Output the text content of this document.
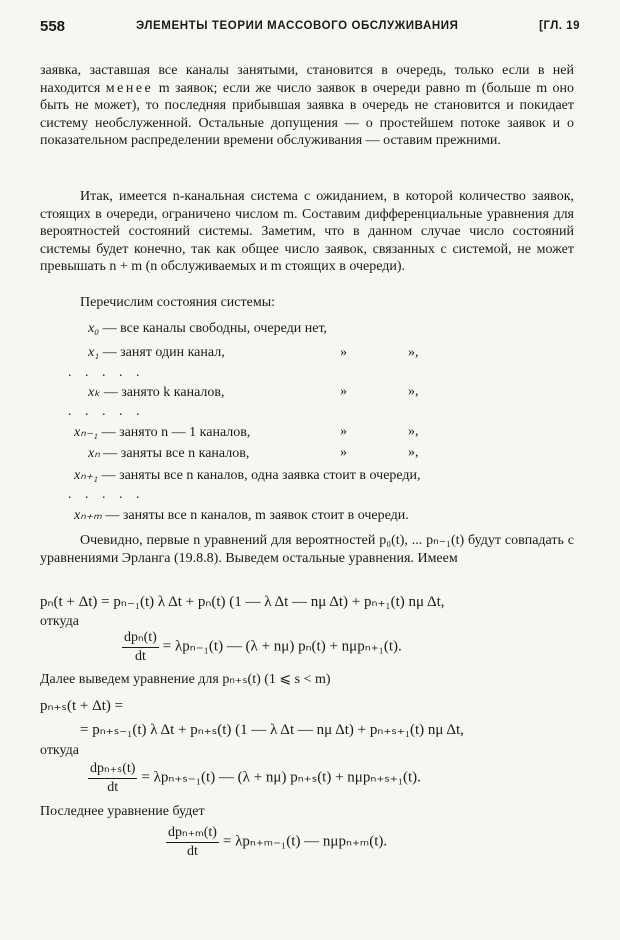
558	ЭЛЕМЕНТЫ ТЕОРИИ МАССОВОГО ОБСЛУЖИВАНИЯ	[ГЛ. 19
заявка, заставшая все каналы занятыми, становится в очередь, только если в ней находится менее m заявок; если же число заявок в очереди равно m (больше m оно быть не может), то последняя прибывшая заявка в очередь не становится и покидает систему необслуженной. Остальные допущения — о простейшем потоке заявок и о показательном распределении времени обслуживания — оставим прежними.
Итак, имеется n-канальная система с ожиданием, в которой количество заявок, стоящих в очереди, ограничено числом m. Составим дифференциальные уравнения для вероятностей состояний системы. Заметим, что в данном случае число состояний системы будет конечно, так как общее число заявок, связанных с системой, не может превышать n + m (n обслуживаемых и m стоящих в очереди).
Перечислим состояния системы:
x₀ — все каналы свободны, очереди нет,
x₁ — занят один канал,	»	»,
. . . . .
xₖ — занято k каналов,	»	»,
. . . . .
xₙ₋₁ — занято n — 1 каналов,	»	»,
xₙ — заняты все n каналов,	»	»,
xₙ₊₁ — заняты все n каналов, одна заявка стоит в очереди,
. . . . .
xₙ₊ₘ — заняты все n каналов, m заявок стоит в очереди.
Очевидно, первые n уравнений для вероятностей p₀(t), ... pₙ₋₁(t) будут совпадать с уравнениями Эрланга (19.8.8). Выведем остальные уравнения. Имеем
pₙ(t + Δt) = pₙ₋₁(t) λ Δt + pₙ(t) (1 — λ Δt — nμ Δt) + pₙ₊₁(t) nμ Δt,
откуда
$\frac{\text{dpₙ(t)}}{dt} = \lambda p_{n-1}(t)$ — (λ + nμ) pₙ(t) + nμpₙ₊₁(t).
Далее выведем уравнение для pₙ₊ₛ(t) (1 ⩽ s < m)
pₙ₊ₛ(t + Δt) =
= pₙ₊ₛ₋₁(t) λ Δt + pₙ₊ₛ(t) (1 — λ Δt — nμ Δt) + pₙ₊ₛ₊₁(t) nμ Δt,
откуда
$\frac{\text{dpₙ₊ₛ(t)}}{dt} = \lambda p_{n+s-1}(t)$ — (λ + nμ) pₙ₊ₛ(t) + nμpₙ₊ₛ₊₁(t).
Последнее уравнение будет
$\frac{\text{dpₙ₊ₘ(t)}}{dt} = \lambda p_{n+m-1}(t)$ — nμpₙ₊ₘ(t).
